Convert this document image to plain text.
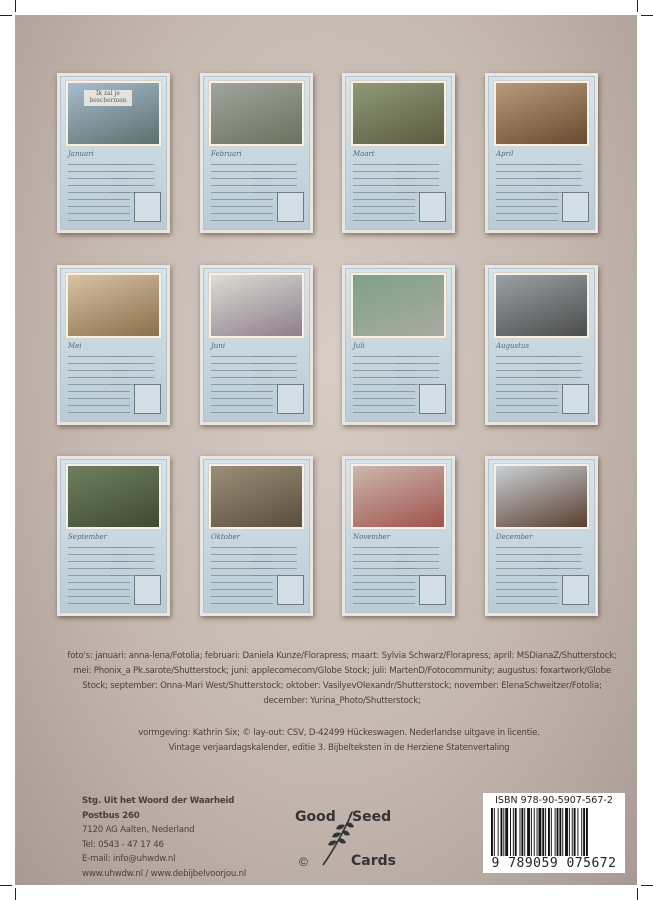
Ik zal je beschermen
Januari	Februari	Maart	April
Mei	Juni	Juli	Augustus
September	Oktober	November	December
foto's: januari: anna-lena/Fotolia; februari: Daniela Kunze/Florapress; maart: Sylvia Schwarz/Florapress; april: MSDianaZ/Shutterstock; mei: Phonix_a Pk.sarote/Shutterstock; juni: applecomecom/Globe Stock; juli: MartenD/Fotocommunity; augustus: foxartwork/Globe Stock; september: Onna-Mari West/Shutterstock; oktober: VasilyevOlexandr/Shutterstock; november: ElenaSchweitzer/Fotolia; december: Yurina_Photo/Shutterstock;
vormgeving: Kathrin Six; © lay-out: CSV, D-42499 Hückeswagen. Nederlandse uitgave in licentie.
Vintage verjaardagskalender, editie 3. Bijbelteksten in de Herziene Statenvertaling
Stg. Uit het Woord der Waarheid
Postbus 260
7120 AG Aalten, Nederland
Tel: 0543 - 47 17 46
E-mail: info@uhwdw.nl
www.uhwdw.nl / www.debijbelvoorjou.nl
Good Seed
©	Cards
ISBN 978-90-5907-567-2
9 789059 075672
